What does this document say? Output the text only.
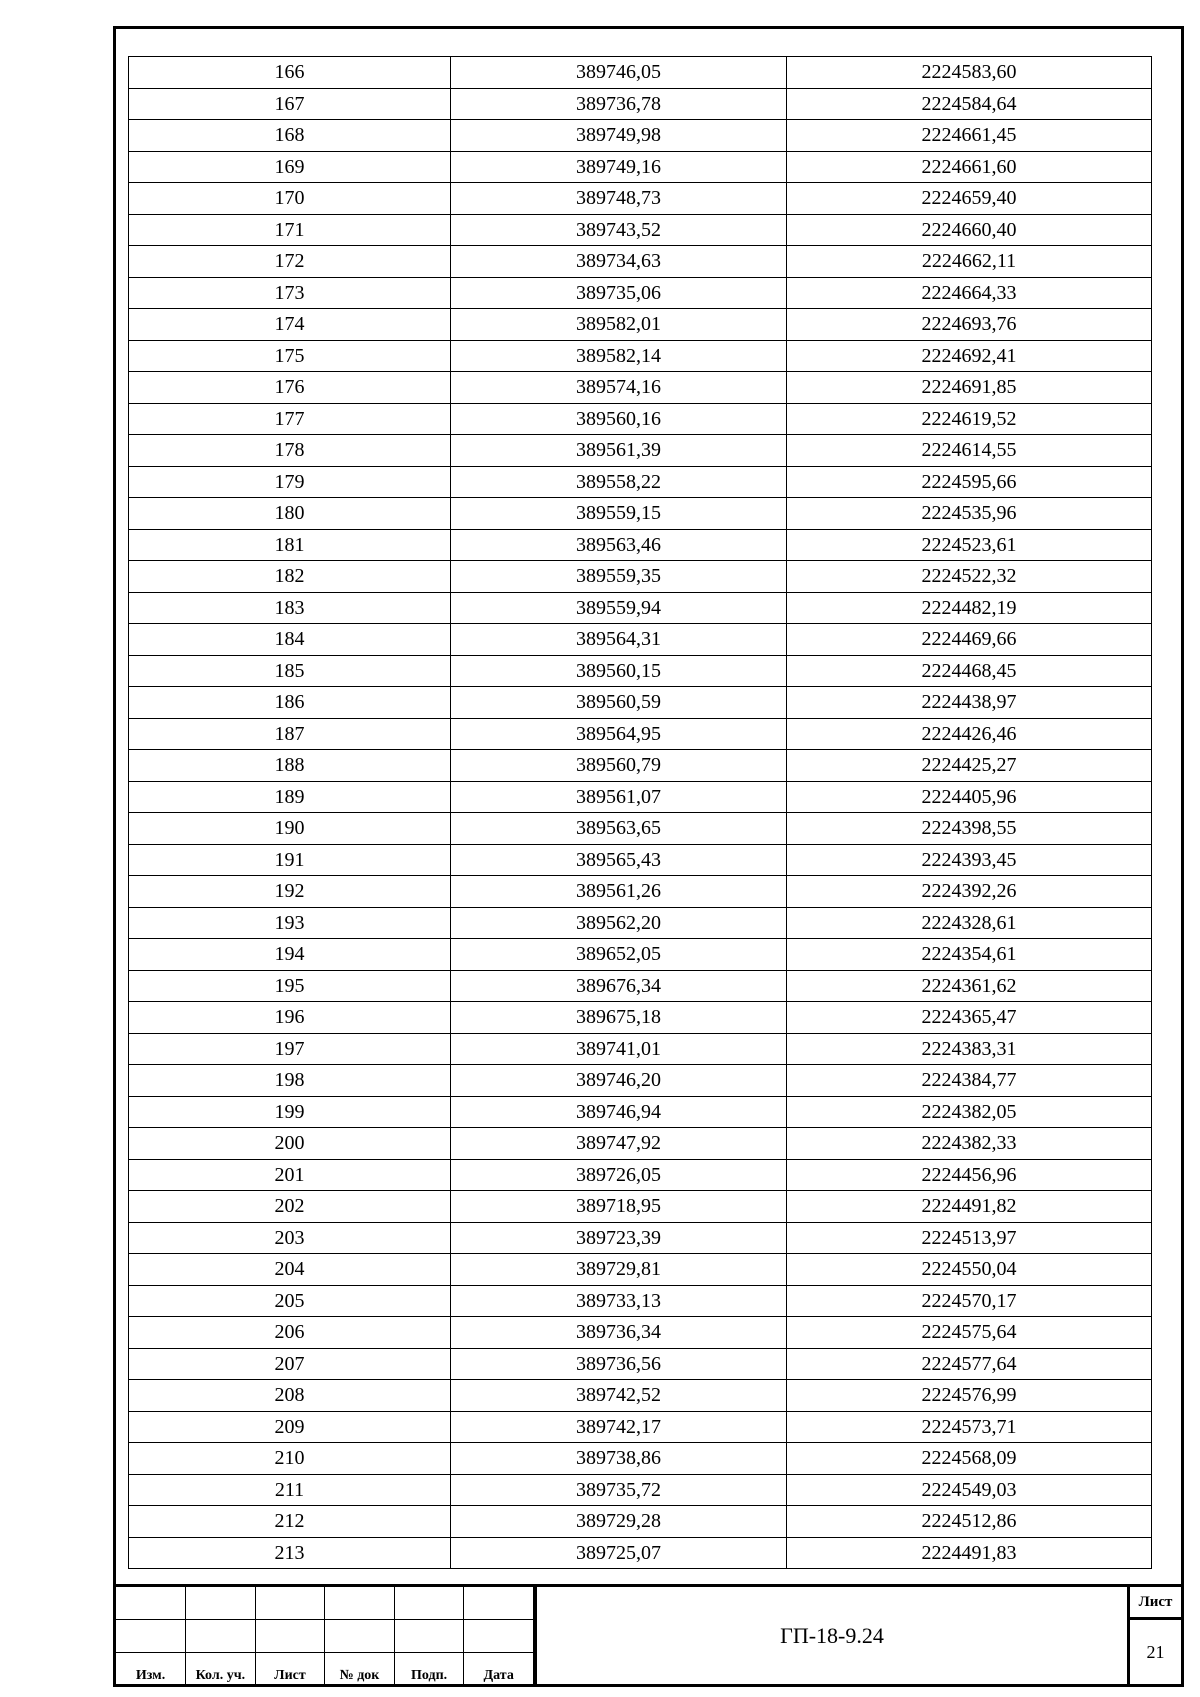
166	389746,05	2224583,60
167	389736,78	2224584,64
168	389749,98	2224661,45
169	389749,16	2224661,60
170	389748,73	2224659,40
171	389743,52	2224660,40
172	389734,63	2224662,11
173	389735,06	2224664,33
174	389582,01	2224693,76
175	389582,14	2224692,41
176	389574,16	2224691,85
177	389560,16	2224619,52
178	389561,39	2224614,55
179	389558,22	2224595,66
180	389559,15	2224535,96
181	389563,46	2224523,61
182	389559,35	2224522,32
183	389559,94	2224482,19
184	389564,31	2224469,66
185	389560,15	2224468,45
186	389560,59	2224438,97
187	389564,95	2224426,46
188	389560,79	2224425,27
189	389561,07	2224405,96
190	389563,65	2224398,55
191	389565,43	2224393,45
192	389561,26	2224392,26
193	389562,20	2224328,61
194	389652,05	2224354,61
195	389676,34	2224361,62
196	389675,18	2224365,47
197	389741,01	2224383,31
198	389746,20	2224384,77
199	389746,94	2224382,05
200	389747,92	2224382,33
201	389726,05	2224456,96
202	389718,95	2224491,82
203	389723,39	2224513,97
204	389729,81	2224550,04
205	389733,13	2224570,17
206	389736,34	2224575,64
207	389736,56	2224577,64
208	389742,52	2224576,99
209	389742,17	2224573,71
210	389738,86	2224568,09
211	389735,72	2224549,03
212	389729,28	2224512,86
213	389725,07	2224491,83

Изм.	Кол. уч.	Лист	№ док	Подп.	Дата
ГП-18-9.24
Лист
21
